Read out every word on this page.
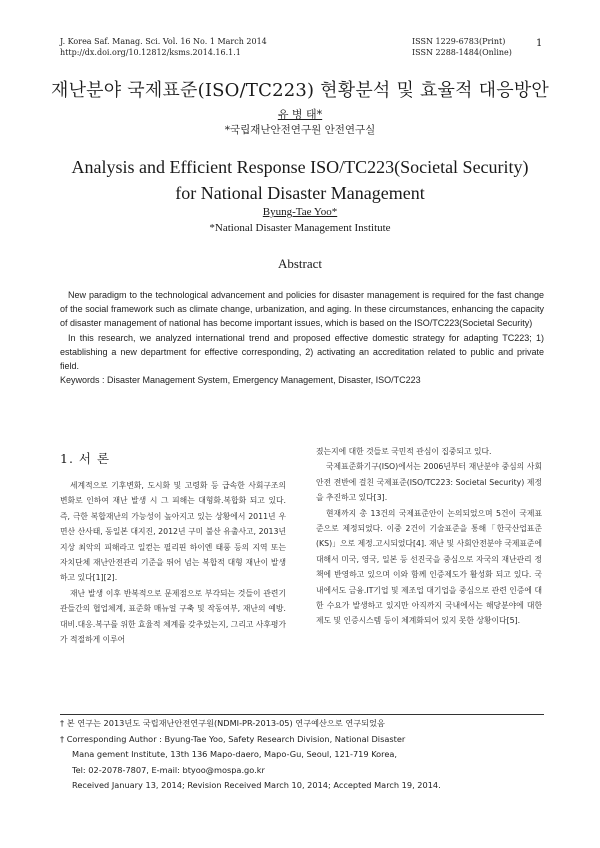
J. Korea Saf. Manag. Sci. Vol. 16 No. 1 March 2014
http://dx.doi.org/10.12812/ksms.2014.16.1.1
ISSN 1229-6783(Print)
ISSN 2288-1484(Online)
1
재난분야 국제표준(ISO/TC223) 현황분석 및 효율적 대응방안
유 병 태*
*국립재난안전연구원 안전연구실
Analysis and Efficient Response ISO/TC223(Societal Security)
for National Disaster Management
Byung-Tae Yoo*
*National Disaster Management Institute
Abstract

New paradigm to the technological advancement and policies for disaster management is required for the fast change of the social framework such as climate change, urbanization, and aging. In these circumstances, enhancing the capacity of disaster management of national has become important issues, which is based on the ISO/TC223(Societal Security)

In this research, we analyzed international trend and proposed effective domestic strategy for adapting TC223; 1) establishing a new department for effective corresponding, 2) activating an accreditation related to public and private field.

Keywords : Disaster Management System, Emergency Management, Disaster, ISO/TC223

1. 서 론

세계적으로 기후변화, 도시화 및 고령화 등 급속한 사회구조의 변화로 인하여 재난 발생 시 그 피해는 대형화․복합화 되고 있다. 즉, 극한 복합재난의 가능성이 높아지고 있는 상황에서 2011년 우면산 산사태, 동일본 대지진, 2012년 구미 불산 유출사고, 2013년 지상 최악의 피해라고 일컫는 필리핀 하이엔 태풍 등의 지역 또는 자치단체 재난안전관리 기준을 뛰어 넘는 복합적 대형 재난이 발생하고 있다[1][2].

재난 발생 이후 반복적으로 문제점으로 부각되는 것들이 관련기관들간의 협업체계, 표준화 매뉴얼 구축 및 작동여부, 재난의 예방․대비․대응․복구를 위한 효율적 체계를 갖추었는지, 그리고 사후평가가 적절하게 이루어

졌는지에 대한 것들로 국민적 관심이 집중되고 있다.

국제표준화기구(ISO)에서는 2006년부터 재난분야 중심의 사회안전 전반에 걸친 국제표준(ISO/TC223: Societal Security) 제정을 추진하고 있다[3].

현재까지 총 13건의 국제표준안이 논의되었으며 5건이 국제표준으로 제정되었다. 이중 2건이 기술표준을 통해「한국산업표준(KS)」으로 제정․고시되었다[4]. 재난 및 사회안전분야 국제표준에 대해서 미국, 영국, 일본 등 선진국을 중심으로 자국의 재난관리 정책에 반영하고 있으며 이와 함께 인증제도가 활성화 되고 있다. 국내에서도 금융․IT기업 및 제조업 대기업을 중심으로 관련 인증에 대한 수요가 발생하고 있지만 아직까지 국내에서는 해당분야에 대한 제도 및 인증시스템 등이 체계화되어 있지 못한 상황이다[5].

† 본 연구는 2013년도 국립재난안전연구원(NDMI-PR-2013-05) 연구예산으로 연구되었음

† Corresponding Author : Byung-Tae Yoo, Safety Research Division, National Disaster

Mana gement Institute, 13th 136 Mapo-daero, Mapo-Gu, Seoul, 121-719 Korea,

Tel: 02-2078-7807, E-mail: btyoo@mospa.go.kr

Received January 13, 2014; Revision Received March 10, 2014; Accepted March 19, 2014.
